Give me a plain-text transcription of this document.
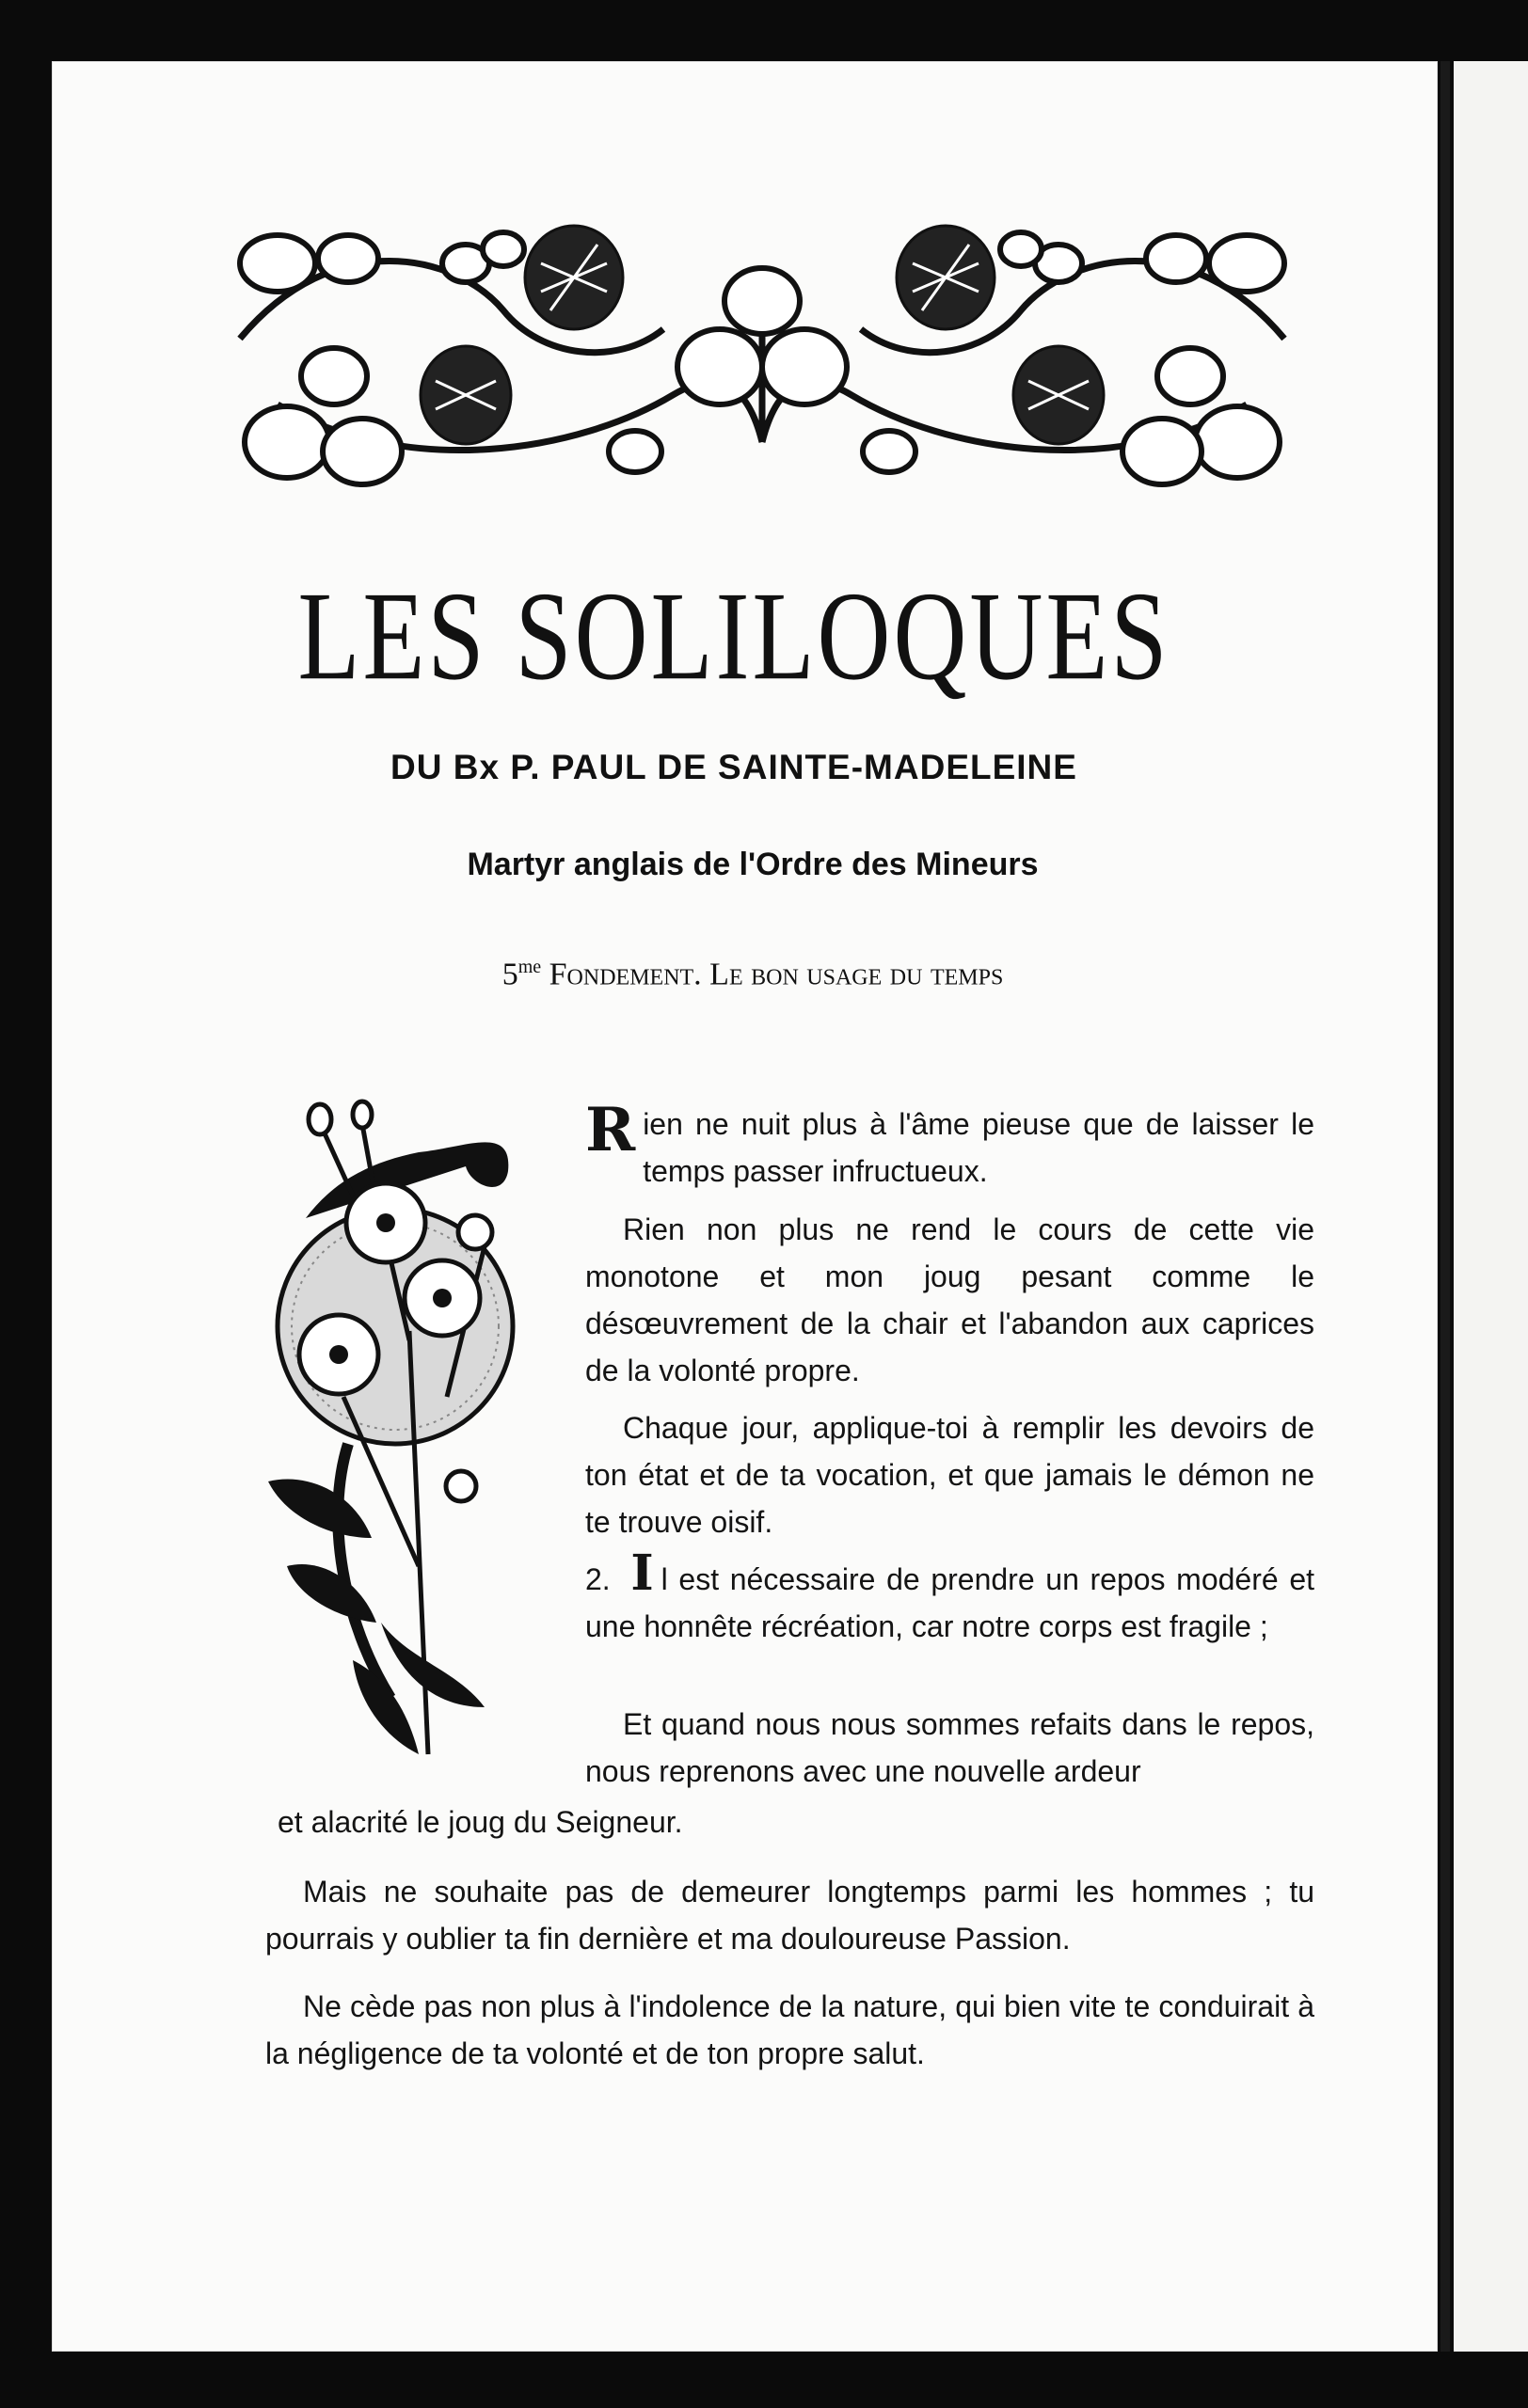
LES SOLILOQUES
DU Bx P. PAUL DE SAINTE-MADELEINE
Martyr anglais de l'Ordre des Mineurs
$5^{me}$ Fondement. Le bon usage du temps
Rien ne nuit plus à l'âme pieuse que de laisser le temps passer infructueux.
Rien non plus ne rend le cours de cette vie monotone et mon joug pesant comme le désœuvrement de la chair et l'abandon aux caprices de la volonté propre.
Chaque jour, applique-toi à remplir les devoirs de ton état et de ta vocation, et que jamais le démon ne te trouve oisif.
2. I l est nécessaire de prendre un repos modéré et une honnête récréation, car notre corps est fragile ;
Et quand nous nous sommes refaits dans le repos, nous reprenons avec une nouvelle ardeur
et alacrité le joug du Seigneur.
Mais ne souhaite pas de demeurer longtemps parmi les hommes ; tu pourrais y oublier ta fin dernière et ma douloureuse Passion.
Ne cède pas non plus à l'indolence de la nature, qui bien vite te conduirait à la négligence de ta volonté et de ton propre salut.
